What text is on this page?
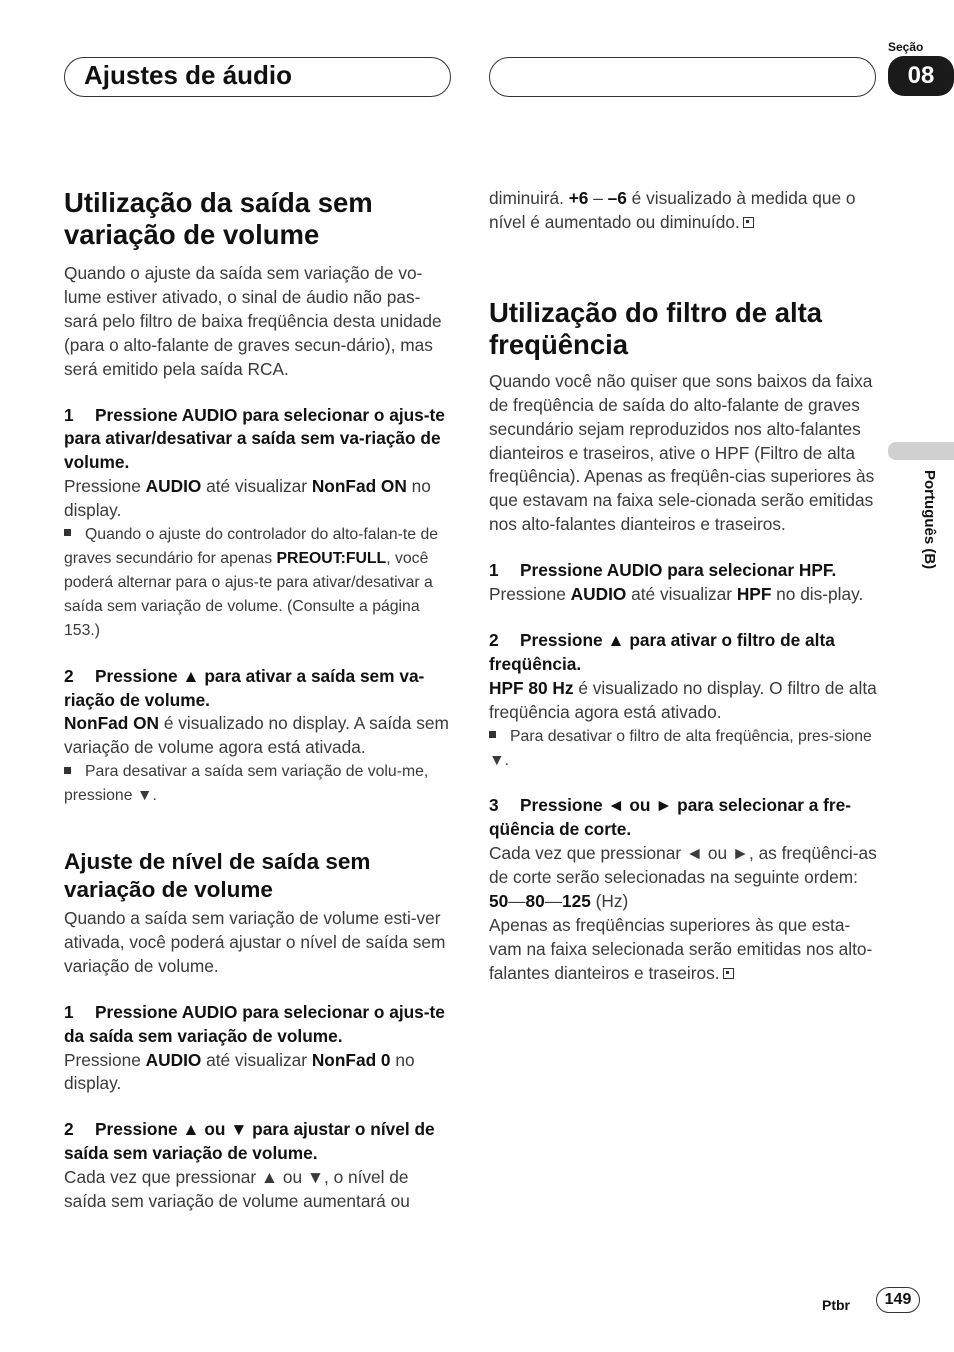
Ajustes de áudio
Seção
08
Português (B)
Utilização da saída sem variação de volume

Quando o ajuste da saída sem variação de vo-lume estiver ativado, o sinal de áudio não pas-sará pelo filtro de baixa freqüência desta unidade (para o alto-falante de graves secun-dário), mas será emitido pela saída RCA.

1 Pressione AUDIO para selecionar o ajus-te para ativar/desativar a saída sem va-riação de volume.

Pressione AUDIO até visualizar NonFad ON no display.

Quando o ajuste do controlador do alto-falan-te de graves secundário for apenas PREOUT:FULL, você poderá alternar para o ajus-te para ativar/desativar a saída sem variação de volume. (Consulte a página 153.)

2 Pressione ▲ para ativar a saída sem va-riação de volume.

NonFad ON é visualizado no display. A saída sem variação de volume agora está ativada.

Para desativar a saída sem variação de volu-me, pressione ▼.

Ajuste de nível de saída sem variação de volume

Quando a saída sem variação de volume esti-ver ativada, você poderá ajustar o nível de saída sem variação de volume.

1 Pressione AUDIO para selecionar o ajus-te da saída sem variação de volume.

Pressione AUDIO até visualizar NonFad 0 no display.

2 Pressione ▲ ou ▼ para ajustar o nível de saída sem variação de volume.

Cada vez que pressionar ▲ ou ▼, o nível de saída sem variação de volume aumentará ou

diminuirá. +6 – –6 é visualizado à medida que o nível é aumentado ou diminuído.

Utilização do filtro de alta freqüência

Quando você não quiser que sons baixos da faixa de freqüência de saída do alto-falante de graves secundário sejam reproduzidos nos alto-falantes dianteiros e traseiros, ative o HPF (Filtro de alta freqüência). Apenas as freqüên-cias superiores às que estavam na faixa sele-cionada serão emitidas nos alto-falantes dianteiros e traseiros.

1 Pressione AUDIO para selecionar HPF.

Pressione AUDIO até visualizar HPF no dis-play.

2 Pressione ▲ para ativar o filtro de alta freqüência.

HPF 80 Hz é visualizado no display. O filtro de alta freqüência agora está ativado.

Para desativar o filtro de alta freqüência, pres-sione ▼.

3 Pressione ◄ ou ► para selecionar a fre-qüência de corte.

Cada vez que pressionar ◄ ou ►, as freqüênci-as de corte serão selecionadas na seguinte ordem:

50—80—125 (Hz)

Apenas as freqüências superiores às que esta-vam na faixa selecionada serão emitidas nos alto-falantes dianteiros e traseiros.

Ptbr	149
